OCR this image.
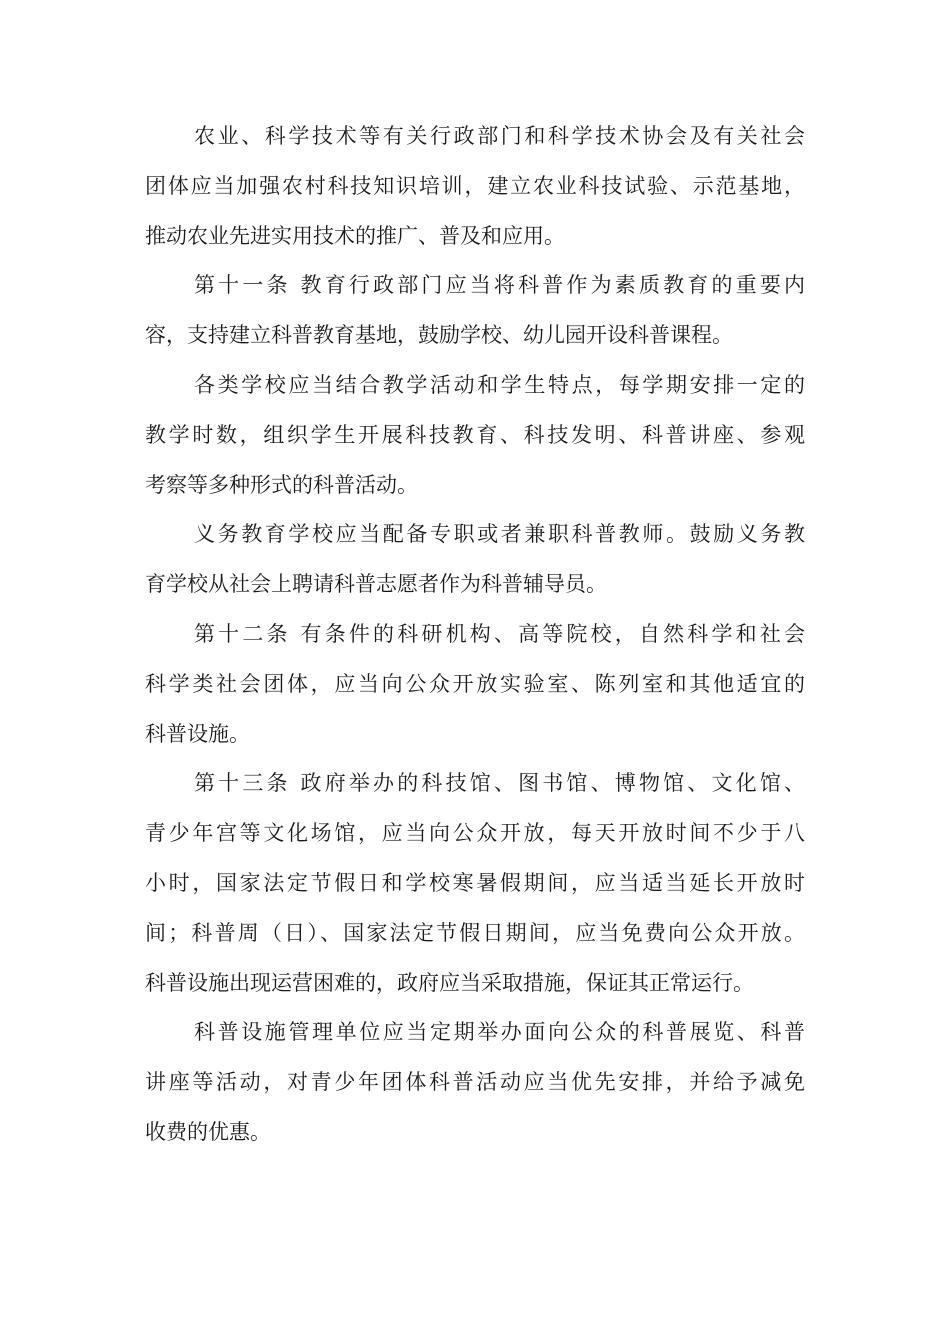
农业、科学技术等有关行政部门和科学技术协会及有关社会
团体应当加强农村科技知识培训，建立农业科技试验、示范基地，
推动农业先进实用技术的推广、普及和应用。
第十一条 教育行政部门应当将科普作为素质教育的重要内
容，支持建立科普教育基地，鼓励学校、幼儿园开设科普课程。
各类学校应当结合教学活动和学生特点，每学期安排一定的
教学时数，组织学生开展科技教育、科技发明、科普讲座、参观
考察等多种形式的科普活动。
义务教育学校应当配备专职或者兼职科普教师。鼓励义务教
育学校从社会上聘请科普志愿者作为科普辅导员。
第十二条 有条件的科研机构、高等院校，自然科学和社会
科学类社会团体，应当向公众开放实验室、陈列室和其他适宜的
科普设施。
第十三条 政府举办的科技馆、图书馆、博物馆、文化馆、
青少年宫等文化场馆，应当向公众开放，每天开放时间不少于八
小时，国家法定节假日和学校寒暑假期间，应当适当延长开放时
间；科普周（日）、国家法定节假日期间，应当免费向公众开放。
科普设施出现运营困难的，政府应当采取措施，保证其正常运行。
科普设施管理单位应当定期举办面向公众的科普展览、科普
讲座等活动，对青少年团体科普活动应当优先安排，并给予减免
收费的优惠。
